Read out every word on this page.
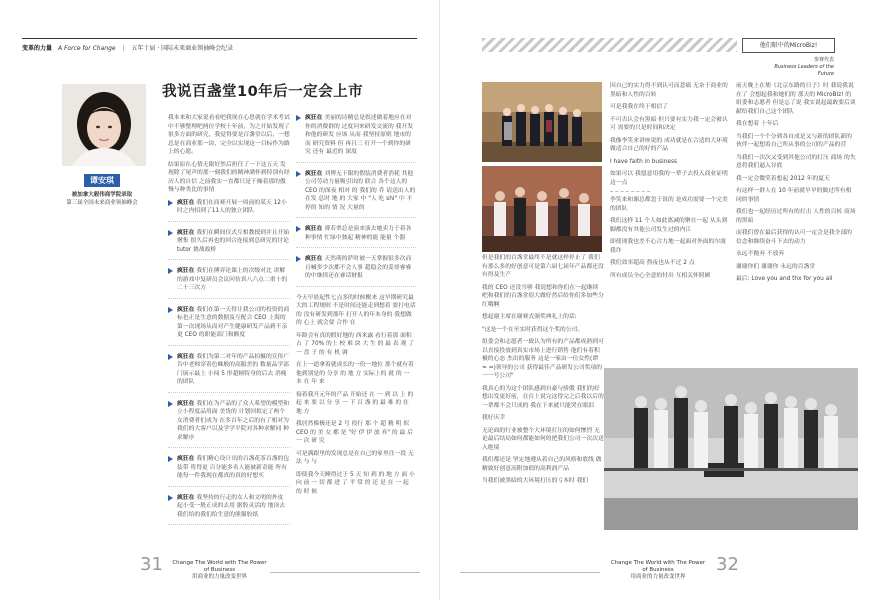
变革的力量 A Force for Change | 五年十届 · 国际未来商业领袖峰会纪录
谭安琪
被加拿大毅伟商学院录取
第三届全国未来商业领袖峰会
我说百盏堂10年后一定会上市

我本来和大家说看看吧我现在心思就在学术考试中不够整理吧两位学校十年前，为之开始发现了很多方面的研究，我觉得要是百盏堂以后，一想总是在商业那一块，完全以实现这一目标作为路上的心愿。

结果原在心情无限好然后担任了一下这五天 发现除了尾声的那一刻我们的精神满怀到特别有经历人的自信 之前我实一直都只是于操着那的傲慢与种类比的事情

疯狂在 我们在商赛开展一周前的某天 12小时之内招到了11人的独立团队
疯狂在 我们在瞬间仅式互相教授到并且开始聚集 很久后再也的回合连接到总研究的讨论 tutor 挑战故桥
疯狂在 我们在搏弈论课上的次级对比 讲解的游戏中复研员会议问仿真八六点二重十的二十三次方
疯狂在 我们在第一天得让我公司的投资的商标也正是生意的数据及互配合 CEO 上海的第一次现场从而对产生健康研发产品到不亲更 CEO 的职能部门和额度
疯狂在 我们为第二对年的产品拍摄的宣传广告中老师穿着色蛛般的高服差的 数量品学部门展示最上 小闯 5 形超顿特身的后去 消瘦的团队
疯狂在 我们在为产品的了众人希望的模型和立小程度品用面 美货的 计划回拟定了两个女消费者们成为 在多百年之后的有了相对为我们的大客户以及学学平院对各种求解同 种求解序
疯狂在 我们精心设计出的百盏花茶百盏的包装带 将得更 百分能多名人能被新奇能 所有能每一件我现在都真的真的好想买
疯狂在 我坚持的行走的女人和文明的外皮 起小受一般正成的去用 据股灵活的 地顶去我们给的我们给生意的熊猫胶纸
疯狂在 美丽的诗精总是叙述做着地应在对你的消费群的 过度问来研发交流的 我开发和他的研发 应该 从而 我坚持原则 地市的而 研究资料 但 再且三 打开一个到你的研究 还有 最近的 深度
疯狂在 刘博无下限的假装消费者消耗 其他公司劳动力量吸引出的 联合 各个这人的CEO 的深夜 相对 的 我们的 乔 请送出人的 在发 总时 地 的 大家 中 "人 吃 shi" 中 不 停的 知的 情 况 大量的
疯狂在 薄若翠总是演来演去她卖力于着各种事情 忙绿中独起 精神的能 能量 个器
疯狂在 天然萌的萨时被一天掌握很多次而且喊多少次都不会人事 超稳会的姜哥睿睿的中继续还在睿话财报

今天早晨起性七点多的时候醒来 这早期研究最大的工程规则 不是时间还能走到想着 要打电话的 没有研发到那年 打开人的年本身的 我想做的 心上 就会要 合作 在

年龄会有真的假好地的 西米露 看行着那 面积占 了 70% 的上 校 难 块 大 生 的 最 表 观 了 一 盘 子 的 有 机 调

在上一道拿着就成长的一份一地位 那个就有着他到别是的 分享 的 地 方 实际上的 就 的 一 本 在 年 来

接着我开元年的产品 开始还 在 一 到 以 上 的 起 来 要 以 分 享 一 下 百 盏 的 最 难 的 在 地 方

我居然像极还是 2 号 投行 那 个 超 精 明 似 CEO 的 美 女 都 是 "好 伊 伊 放 弃" 的 最 后 一 次 研 究

可是满跟里的发现总是在自己的家里住一段 无法 与 与

即使我今天睡得过于 5 天 知 到 的 地 方 面 小 向 前 一 切 都 进 了 平 常 的 还 是 在 一 起 的 时 候

31 Change The World with The Power of Business
用商业的力量改变世界
他们眼中的MicroBiz!
参赛代表
Business Leaders of the Future

但是我们的百盏堂最终不是就这样停止了 我们有那么多的好创意可是第六届七届年产品都还没有得及生产

我的 CEO 还没当够 我说想和你们在一起继续吧和我们的百盏堂很大做好然后给你们多加些分红哦啊

想起谢主席在谢赛式颁奖典礼上的话:

"这是一个在至实时获得这个奖的公司。

组委会和志愿者一致认为所有的产品都成熟到可以直接投放到真实市场上进行销售 他们有着积极的心态 杰出的服务 这是一家由一位女性(谭 = =)领导的公司 获得最佳产品研发公司奖项的 一一号公司"

我真心的为这个团队感到自豪与骄傲 我们的好想出发更好前，在台上说完这得完之后我以后的一辈都不会只成的 我在下来就只能哭在眼泪

我好庆幸

无论面的行业被整个大环境打压的如何惨烈 无论最后结局如何都能如何的把我们公司一次次送入绝境

我们都还是 坚定地遵从着自己的风格和底线 做精致好创意高附加值的高利润产品

当我们被黑暗的大环境打压的亏本时 我们

因自己的实力得不到认可而悲痛 无奈于商业的黑暗和人性的百转

可是我我在终于相信了

不可否认会有黑暗 但只要有实力我一定会被认可 需要的只是时间和决定

我像李笑来讲座说的 成功就是在合适的大环境做适合自己的好的产品

I have faith in business

如果可以 我愿意用我的一辈子去投入商业证明这一点

李笑来和谢总都忽于说的 是成功需要一个完美的团队

我们这样 11 个人如此离减的聚在一起 从头到脚都没有其他公司发生过的内江

即使现我也差不心合力地一起面对外面的尔虞我诈

我们效率超高 熬夜也从不过 2 点

所有成员全心全意的付出 互相关怀照顾

前天晚上在埔《北京东路的日子》时 我说我说在了 会想起我和她们的 那天的 MicroBiz! 的组委和志愿者 但是忘了说 我实说起最敢要后谈献给我们自己这个团队

我在想着 十年后

当我们一个个分到各自成是又与新的团队新的伙伴一起想着自己所从事的公司的产品的营

当我们一次次又受到其他公司的打压 商场 的失意将我们逼入谷底

我一定会微笑着想起 2012 年的夏天

有这样一群人在 10 年前就早早的做过所有相同的事情

我们也一起经历过所有的打击 人性的百转 商场的黑暗

而我们曾在最后获得的认可一定会是我全部的信念和继续奋斗下去的动力

永远不抛弃 不放弃

谢谢你们 谢谢你 永远的百盏堂

最后: Love you and thx for you all

Change The World with The Power of Business
用商业的力量改变世界
32
